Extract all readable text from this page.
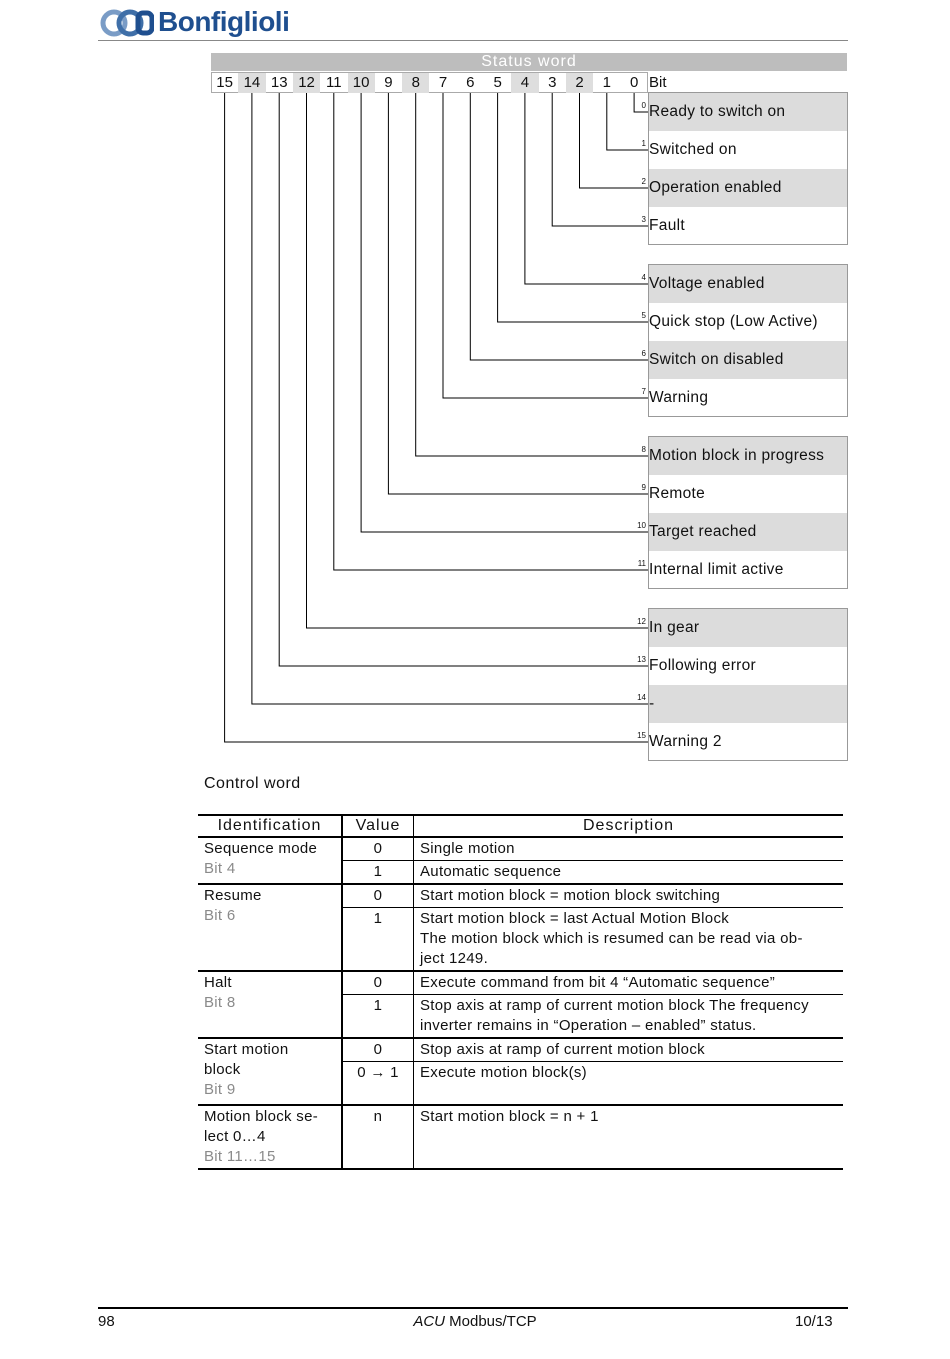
Bonfiglioli
Status word
15 14 13 12 11 10 9	8	7	6	5	4	3	2	1	0 Bit
Ready to switch on
0
Switched on
1
Operation enabled
2
Fault
3
Voltage enabled
4
Quick stop (Low Active)
5
Switch on disabled
6
Warning
7
Motion block in progress
8
Remote
9
Target reached
10
Internal limit active
11
In gear
12
Following error
13
-
14
Warning 2
15
Control word
Identification	Value	Description

Sequence mode
Bit 4	0	Single motion
	1	Automatic sequence

Resume
Bit 6	0	Start motion block = motion block switching
	1	Start motion block = last Actual Motion Block
The motion block which is resumed can be read via ob-
ject 1249.

Halt
Bit 8	0	Execute command from bit 4 “Automatic sequence”
	1	Stop axis at ramp of current motion block The frequency
inverter remains in “Operation – enabled” status.

Start motion
block
Bit 9	0	Stop axis at ramp of current motion block
	0 → 1	Execute motion block(s)

Motion block se-
lect 0…4
Bit 11…15	n	Start motion block = n + 1
98	ACU Modbus/TCP	10/13
